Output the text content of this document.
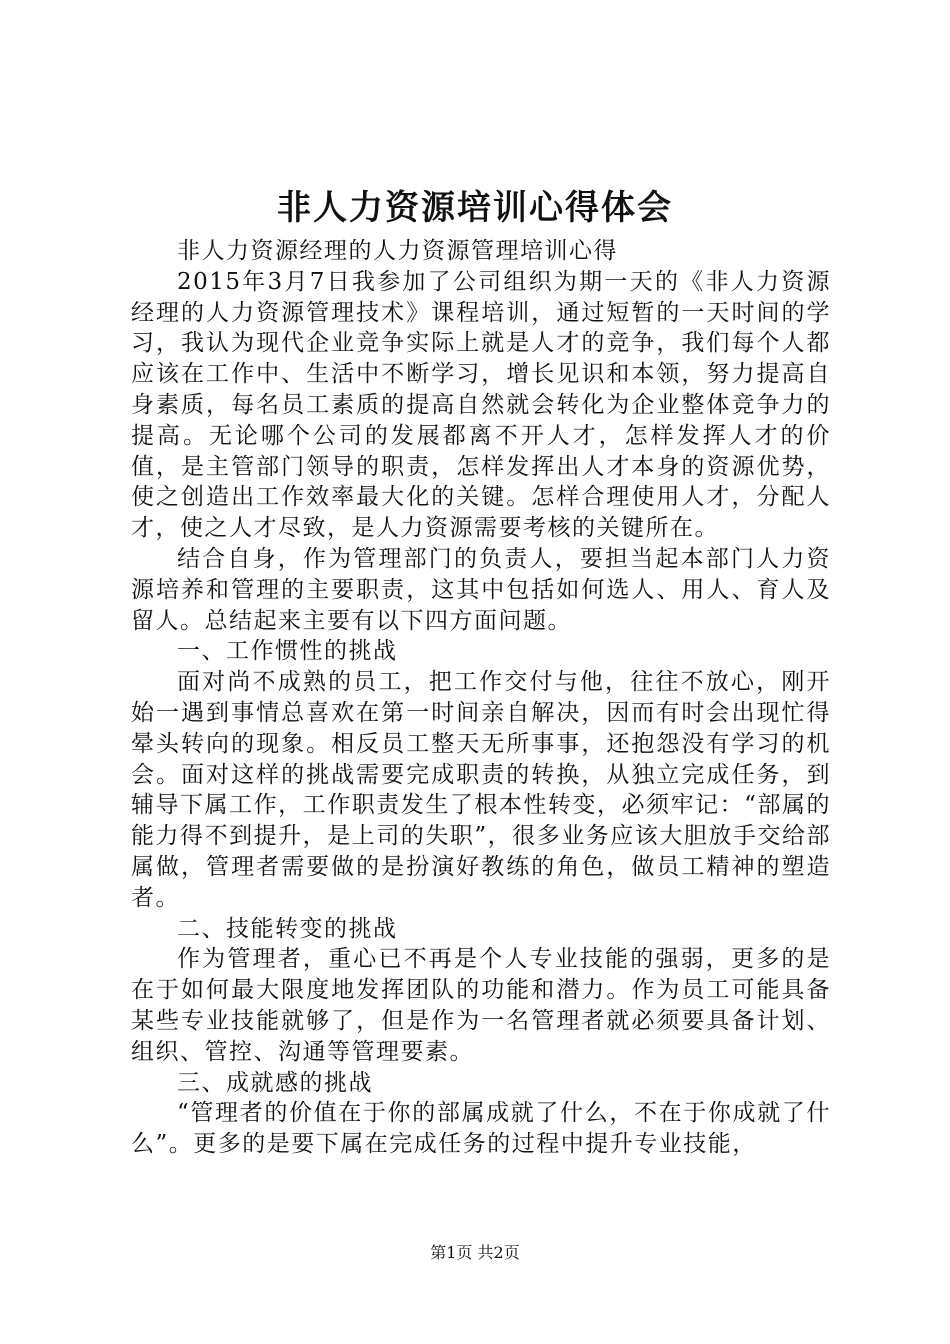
非人力资源培训心得体会

非人力资源经理的人力资源管理培训心得

2015年3月7日我参加了公司组织为期一天的《非人力资源经理的人力资源管理技术》课程培训，通过短暂的一天时间的学习，我认为现代企业竞争实际上就是人才的竞争，我们每个人都应该在工作中、生活中不断学习，增长见识和本领，努力提高自身素质，每名员工素质的提高自然就会转化为企业整体竞争力的提高。无论哪个公司的发展都离不开人才，怎样发挥人才的价值，是主管部门领导的职责，怎样发挥出人才本身的资源优势，使之创造出工作效率最大化的关键。怎样合理使用人才，分配人才，使之人才尽致，是人力资源需要考核的关键所在。

结合自身，作为管理部门的负责人，要担当起本部门人力资源培养和管理的主要职责，这其中包括如何选人、用人、育人及留人。总结起来主要有以下四方面问题。

一、工作惯性的挑战

面对尚不成熟的员工，把工作交付与他，往往不放心，刚开始一遇到事情总喜欢在第一时间亲自解决，因而有时会出现忙得晕头转向的现象。相反员工整天无所事事，还抱怨没有学习的机会。面对这样的挑战需要完成职责的转换，从独立完成任务，到辅导下属工作，工作职责发生了根本性转变，必须牢记：“部属的能力得不到提升，是上司的失职”，很多业务应该大胆放手交给部属做，管理者需要做的是扮演好教练的角色，做员工精神的塑造者。

二、技能转变的挑战

作为管理者，重心已不再是个人专业技能的强弱，更多的是在于如何最大限度地发挥团队的功能和潜力。作为员工可能具备某些专业技能就够了，但是作为一名管理者就必须要具备计划、组织、管控、沟通等管理要素。

三、成就感的挑战

“管理者的价值在于你的部属成就了什么，不在于你成就了什么”。更多的是要下属在完成任务的过程中提升专业技能，

第1页 共2页
